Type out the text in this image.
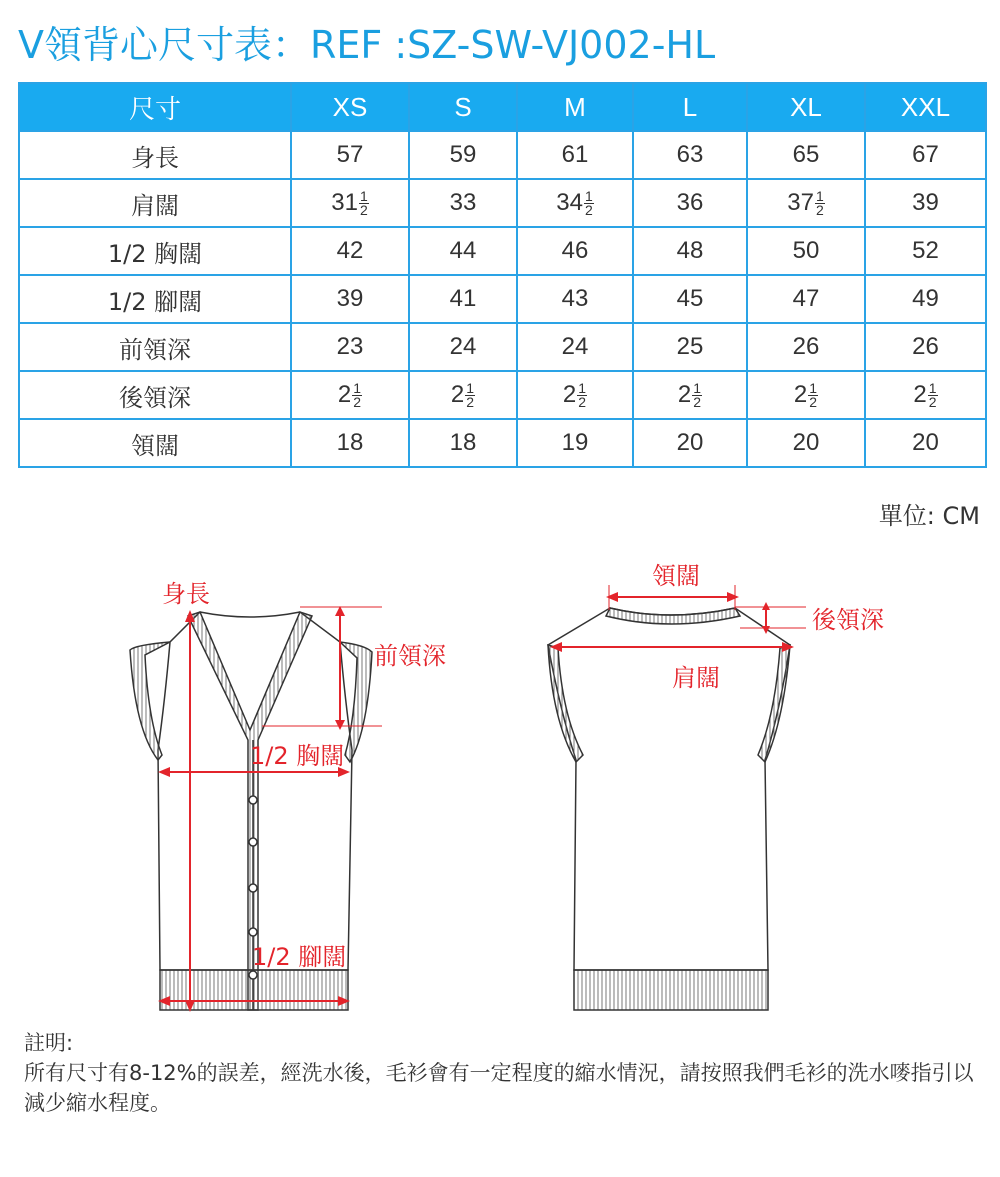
V領背心尺寸表：REF :SZ-SW-VJ002-HL
尺寸	XS	S	M	L	XL	XXL
身長	57	59	61	63	65	67
肩闊	$31 \frac{1}{2}$	33	$34 \frac{1}{2}$	36	$37 \frac{1}{2}$	39
1/2 胸闊	42	44	46	48	50	52
1/2 腳闊	39	41	43	45	47	49
前領深	23	24	24	25	26	26
後領深	$2 \frac{1}{2}$	$2 \frac{1}{2}$	$2 \frac{1}{2}$	$2 \frac{1}{2}$	$2 \frac{1}{2}$	$2 \frac{1}{2}$

領闊	18	18	19	20	20	20
單位: CM
身長
前領深
1/2 胸闊
1/2 腳闊
領闊
後領深
肩闊

註明:

所有尺寸有8-12%的誤差，經洗水後，毛衫會有一定程度的縮水情況，請按照我們毛衫的洗水嘜指引以減少縮水程度。
